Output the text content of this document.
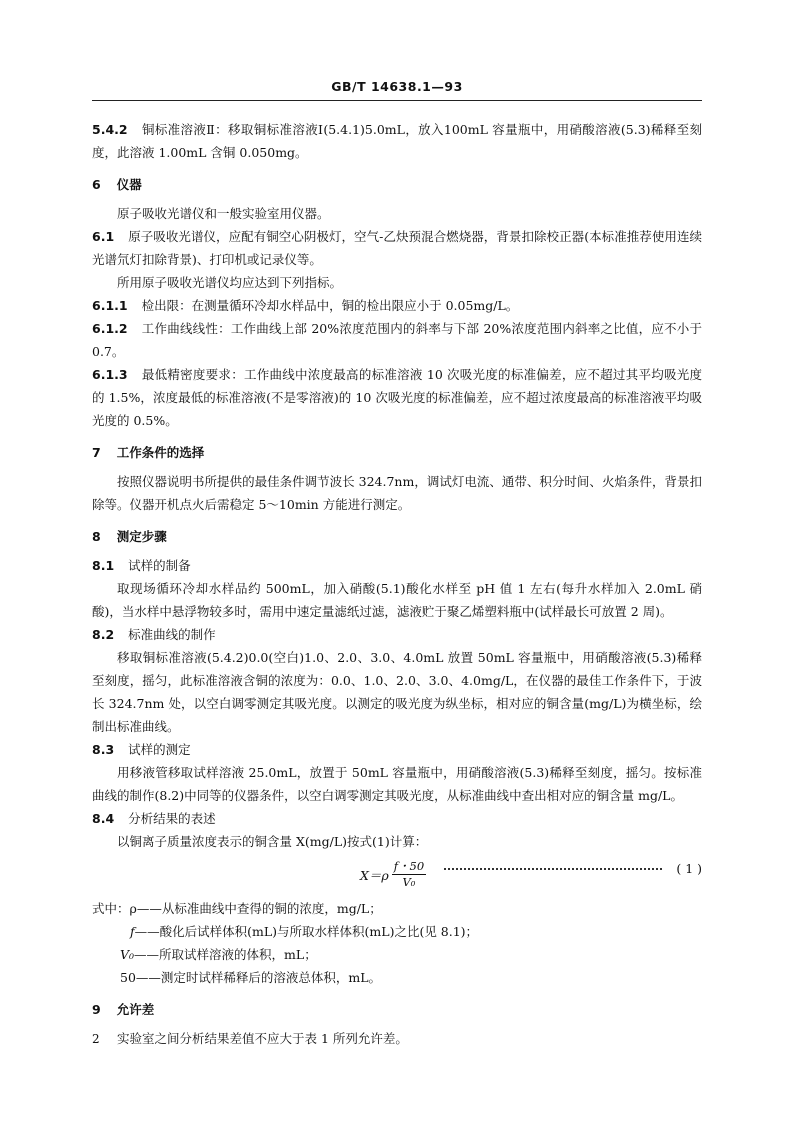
GB/T 14638.1—93

5.4.2 铜标准溶液Ⅱ：移取铜标准溶液Ⅰ(5.4.1)5.0mL，放入100mL 容量瓶中，用硝酸溶液(5.3)稀释至刻度，此溶液 1.00mL 含铜 0.050mg。

6 仪器

原子吸收光谱仪和一般实验室用仪器。

6.1 原子吸收光谱仪，应配有铜空心阴极灯，空气-乙炔预混合燃烧器，背景扣除校正器(本标准推荐使用连续光谱氘灯扣除背景)、打印机或记录仪等。

所用原子吸收光谱仪均应达到下列指标。

6.1.1 检出限：在测量循环冷却水样品中，铜的检出限应小于 0.05mg/L。

6.1.2 工作曲线线性：工作曲线上部 20%浓度范围内的斜率与下部 20%浓度范围内斜率之比值，应不小于 0.7。

6.1.3 最低精密度要求：工作曲线中浓度最高的标准溶液 10 次吸光度的标准偏差，应不超过其平均吸光度的 1.5%，浓度最低的标准溶液(不是零溶液)的 10 次吸光度的标准偏差，应不超过浓度最高的标准溶液平均吸光度的 0.5%。

7 工作条件的选择

按照仪器说明书所提供的最佳条件调节波长 324.7nm，调试灯电流、通带、积分时间、火焰条件，背景扣除等。仪器开机点火后需稳定 5～10min 方能进行测定。

8 测定步骤

8.1 试样的制备

取现场循环冷却水样品约 500mL，加入硝酸(5.1)酸化水样至 pH 值 1 左右(每升水样加入 2.0mL 硝酸)，当水样中悬浮物较多时，需用中速定量滤纸过滤，滤液贮于聚乙烯塑料瓶中(试样最长可放置 2 周)。

8.2 标准曲线的制作

移取铜标准溶液(5.4.2)0.0(空白)1.0、2.0、3.0、4.0mL 放置 50mL 容量瓶中，用硝酸溶液(5.3)稀释至刻度，摇匀，此标准溶液含铜的浓度为：0.0、1.0、2.0、3.0、4.0mg/L，在仪器的最佳工作条件下，于波长 324.7nm 处，以空白调零测定其吸光度。以测定的吸光度为纵坐标，相对应的铜含量(mg/L)为横坐标，绘制出标准曲线。

8.3 试样的测定

用移液管移取试样溶液 25.0mL，放置于 50mL 容量瓶中，用硝酸溶液(5.3)稀释至刻度，摇匀。按标准曲线的制作(8.2)中同等的仪器条件，以空白调零测定其吸光度，从标准曲线中查出相对应的铜含量 mg/L。

8.4 分析结果的表述

以铜离子质量浓度表示的铜含量 X(mg/L)按式(1)计算：

$X=\rho \frac{f・50}{\text{V₀}}$	( 1 )

式中：ρ——从标准曲线中查得的铜的浓度，mg/L；

f——酸化后试样体积(mL)与所取水样体积(mL)之比(见 8.1)；

V₀——所取试样溶液的体积，mL；

50——测定时试样稀释后的溶液总体积，mL。

9 允许差

实验室之间分析结果差值不应大于表 1 所列允许差。

2
